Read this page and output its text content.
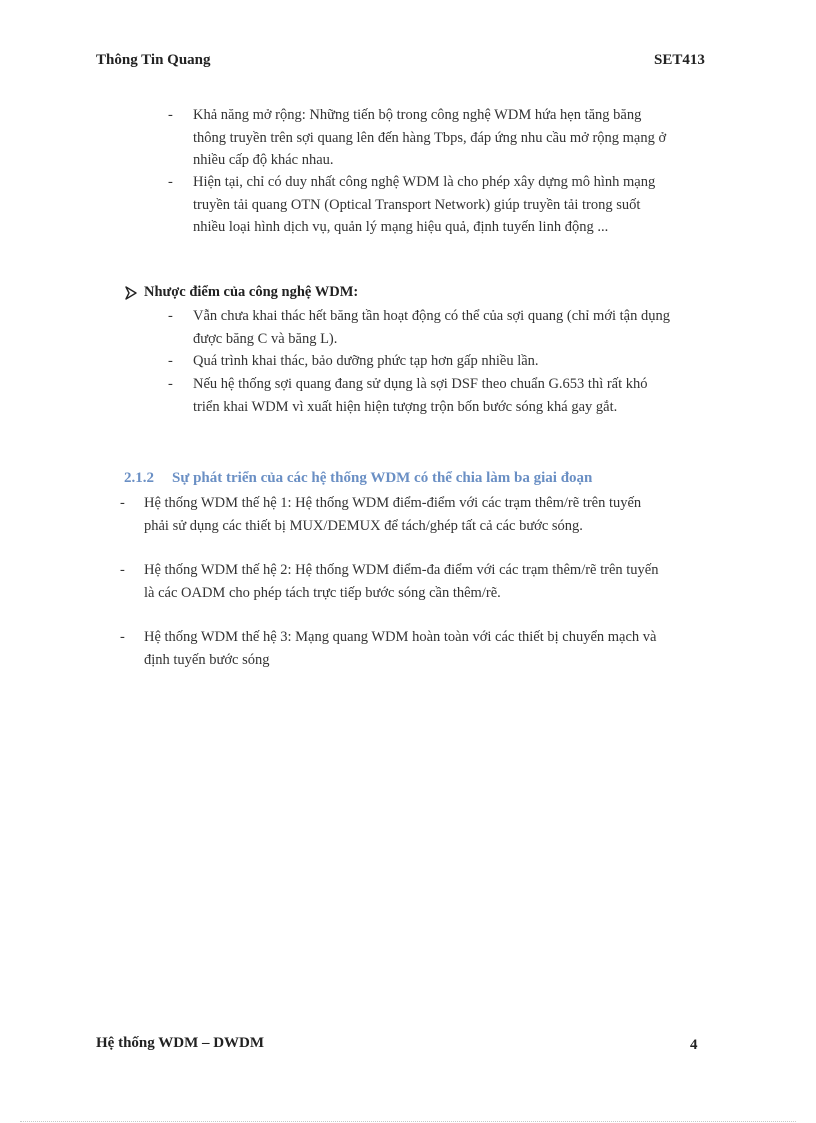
Thông Tin Quang	SET413
- Khả năng mở rộng: Những tiến bộ trong công nghệ WDM hứa hẹn tăng băng
thông truyền trên sợi quang lên đến hàng Tbps, đáp ứng nhu cầu mở rộng mạng ở
nhiều cấp độ khác nhau.
- Hiện tại, chỉ có duy nhất công nghệ WDM là cho phép xây dựng mô hình mạng
truyền tải quang OTN (Optical Transport Network) giúp truyền tải trong suốt
nhiều loại hình dịch vụ, quản lý mạng hiệu quả, định tuyến linh động ...
Nhược điểm của công nghệ WDM:
- Vẫn chưa khai thác hết băng tần hoạt động có thể của sợi quang (chỉ mới tận dụng
được băng C và băng L).
- Quá trình khai thác, bảo dưỡng phức tạp hơn gấp nhiều lần.
- Nếu hệ thống sợi quang đang sử dụng là sợi DSF theo chuẩn G.653 thì rất khó
triển khai WDM vì xuất hiện hiện tượng trộn bốn bước sóng khá gay gắt.
2.1.2 Sự phát triển của các hệ thống WDM có thể chia làm ba giai đoạn
- Hệ thống WDM thế hệ 1: Hệ thống WDM điểm-điểm với các trạm thêm/rẽ trên tuyến
phải sử dụng các thiết bị MUX/DEMUX để tách/ghép tất cả các bước sóng.
- Hệ thống WDM thế hệ 2: Hệ thống WDM điểm-đa điểm với các trạm thêm/rẽ trên tuyến
là các OADM cho phép tách trực tiếp bước sóng cần thêm/rẽ.
- Hệ thống WDM thế hệ 3: Mạng quang WDM hoàn toàn với các thiết bị chuyển mạch và
định tuyến bước sóng
Hệ thống WDM – DWDM	4
